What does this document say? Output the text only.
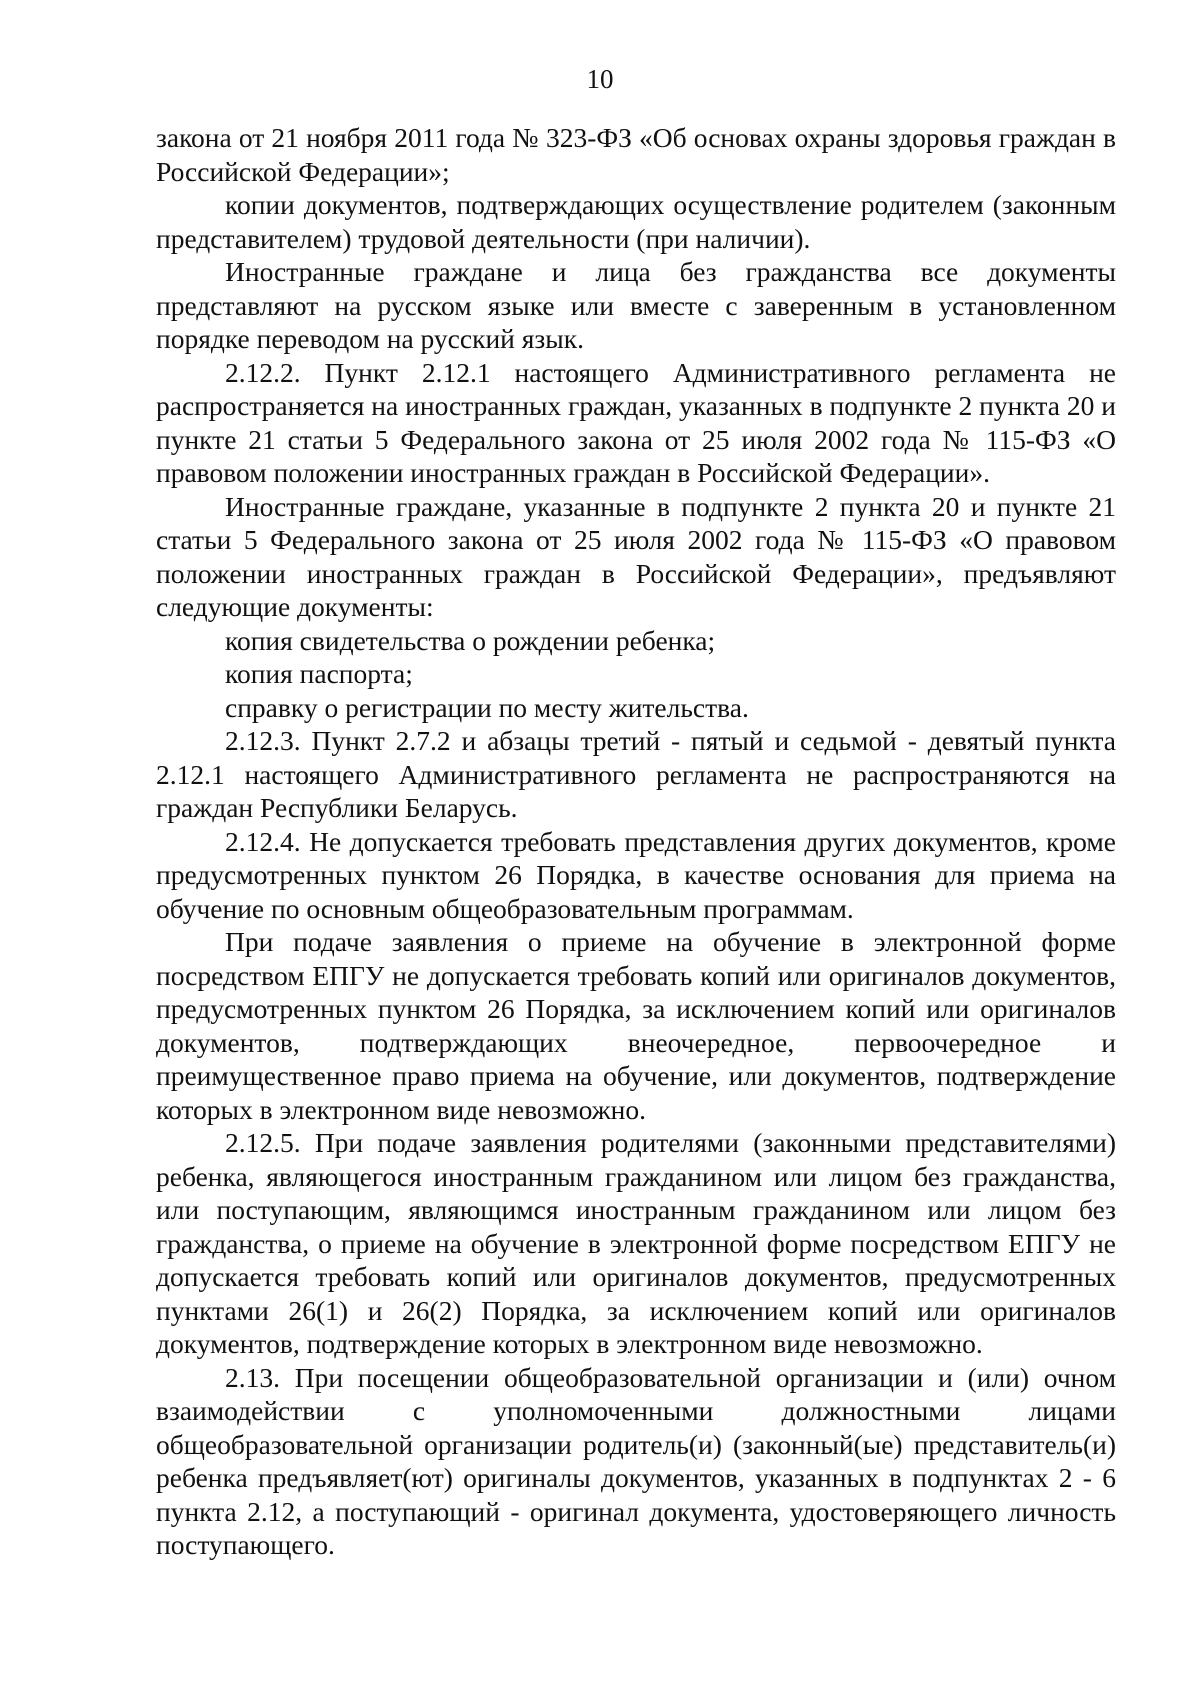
10

закона от 21 ноября 2011 года № 323-ФЗ «Об основах охраны здоровья граждан в Российской Федерации»;

копии документов, подтверждающих осуществление родителем (законным представителем) трудовой деятельности (при наличии).

Иностранные граждане и лица без гражданства все документы представляют на русском языке или вместе с заверенным в установленном порядке переводом на русский язык.

2.12.2. Пункт 2.12.1 настоящего Административного регламента не распространяется на иностранных граждан, указанных в подпункте 2 пункта 20 и пункте 21 статьи 5 Федерального закона от 25 июля 2002 года № 115-ФЗ «О правовом положении иностранных граждан в Российской Федерации».

Иностранные граждане, указанные в подпункте 2 пункта 20 и пункте 21 статьи 5 Федерального закона от 25 июля 2002 года № 115-ФЗ «О правовом положении иностранных граждан в Российской Федерации», предъявляют следующие документы:

копия свидетельства о рождении ребенка;

копия паспорта;

справку о регистрации по месту жительства.

2.12.3. Пункт 2.7.2 и абзацы третий - пятый и седьмой - девятый пункта 2.12.1 настоящего Административного регламента не распространяются на граждан Республики Беларусь.

2.12.4. Не допускается требовать представления других документов, кроме предусмотренных пунктом 26 Порядка, в качестве основания для приема на обучение по основным общеобразовательным программам.

При подаче заявления о приеме на обучение в электронной форме посредством ЕПГУ не допускается требовать копий или оригиналов документов, предусмотренных пунктом 26 Порядка, за исключением копий или оригиналов документов, подтверждающих внеочередное, первоочередное и преимущественное право приема на обучение, или документов, подтверждение которых в электронном виде невозможно.

2.12.5. При подаче заявления родителями (законными представителями) ребенка, являющегося иностранным гражданином или лицом без гражданства, или поступающим, являющимся иностранным гражданином или лицом без гражданства, о приеме на обучение в электронной форме посредством ЕПГУ не допускается требовать копий или оригиналов документов, предусмотренных пунктами 26(1) и 26(2) Порядка, за исключением копий или оригиналов документов, подтверждение которых в электронном виде невозможно.

2.13. При посещении общеобразовательной организации и (или) очном взаимодействии с уполномоченными должностными лицами общеобразовательной организации родитель(и) (законный(ые) представитель(и) ребенка предъявляет(ют) оригиналы документов, указанных в подпунктах 2 - 6 пункта 2.12, а поступающий - оригинал документа, удостоверяющего личность поступающего.
